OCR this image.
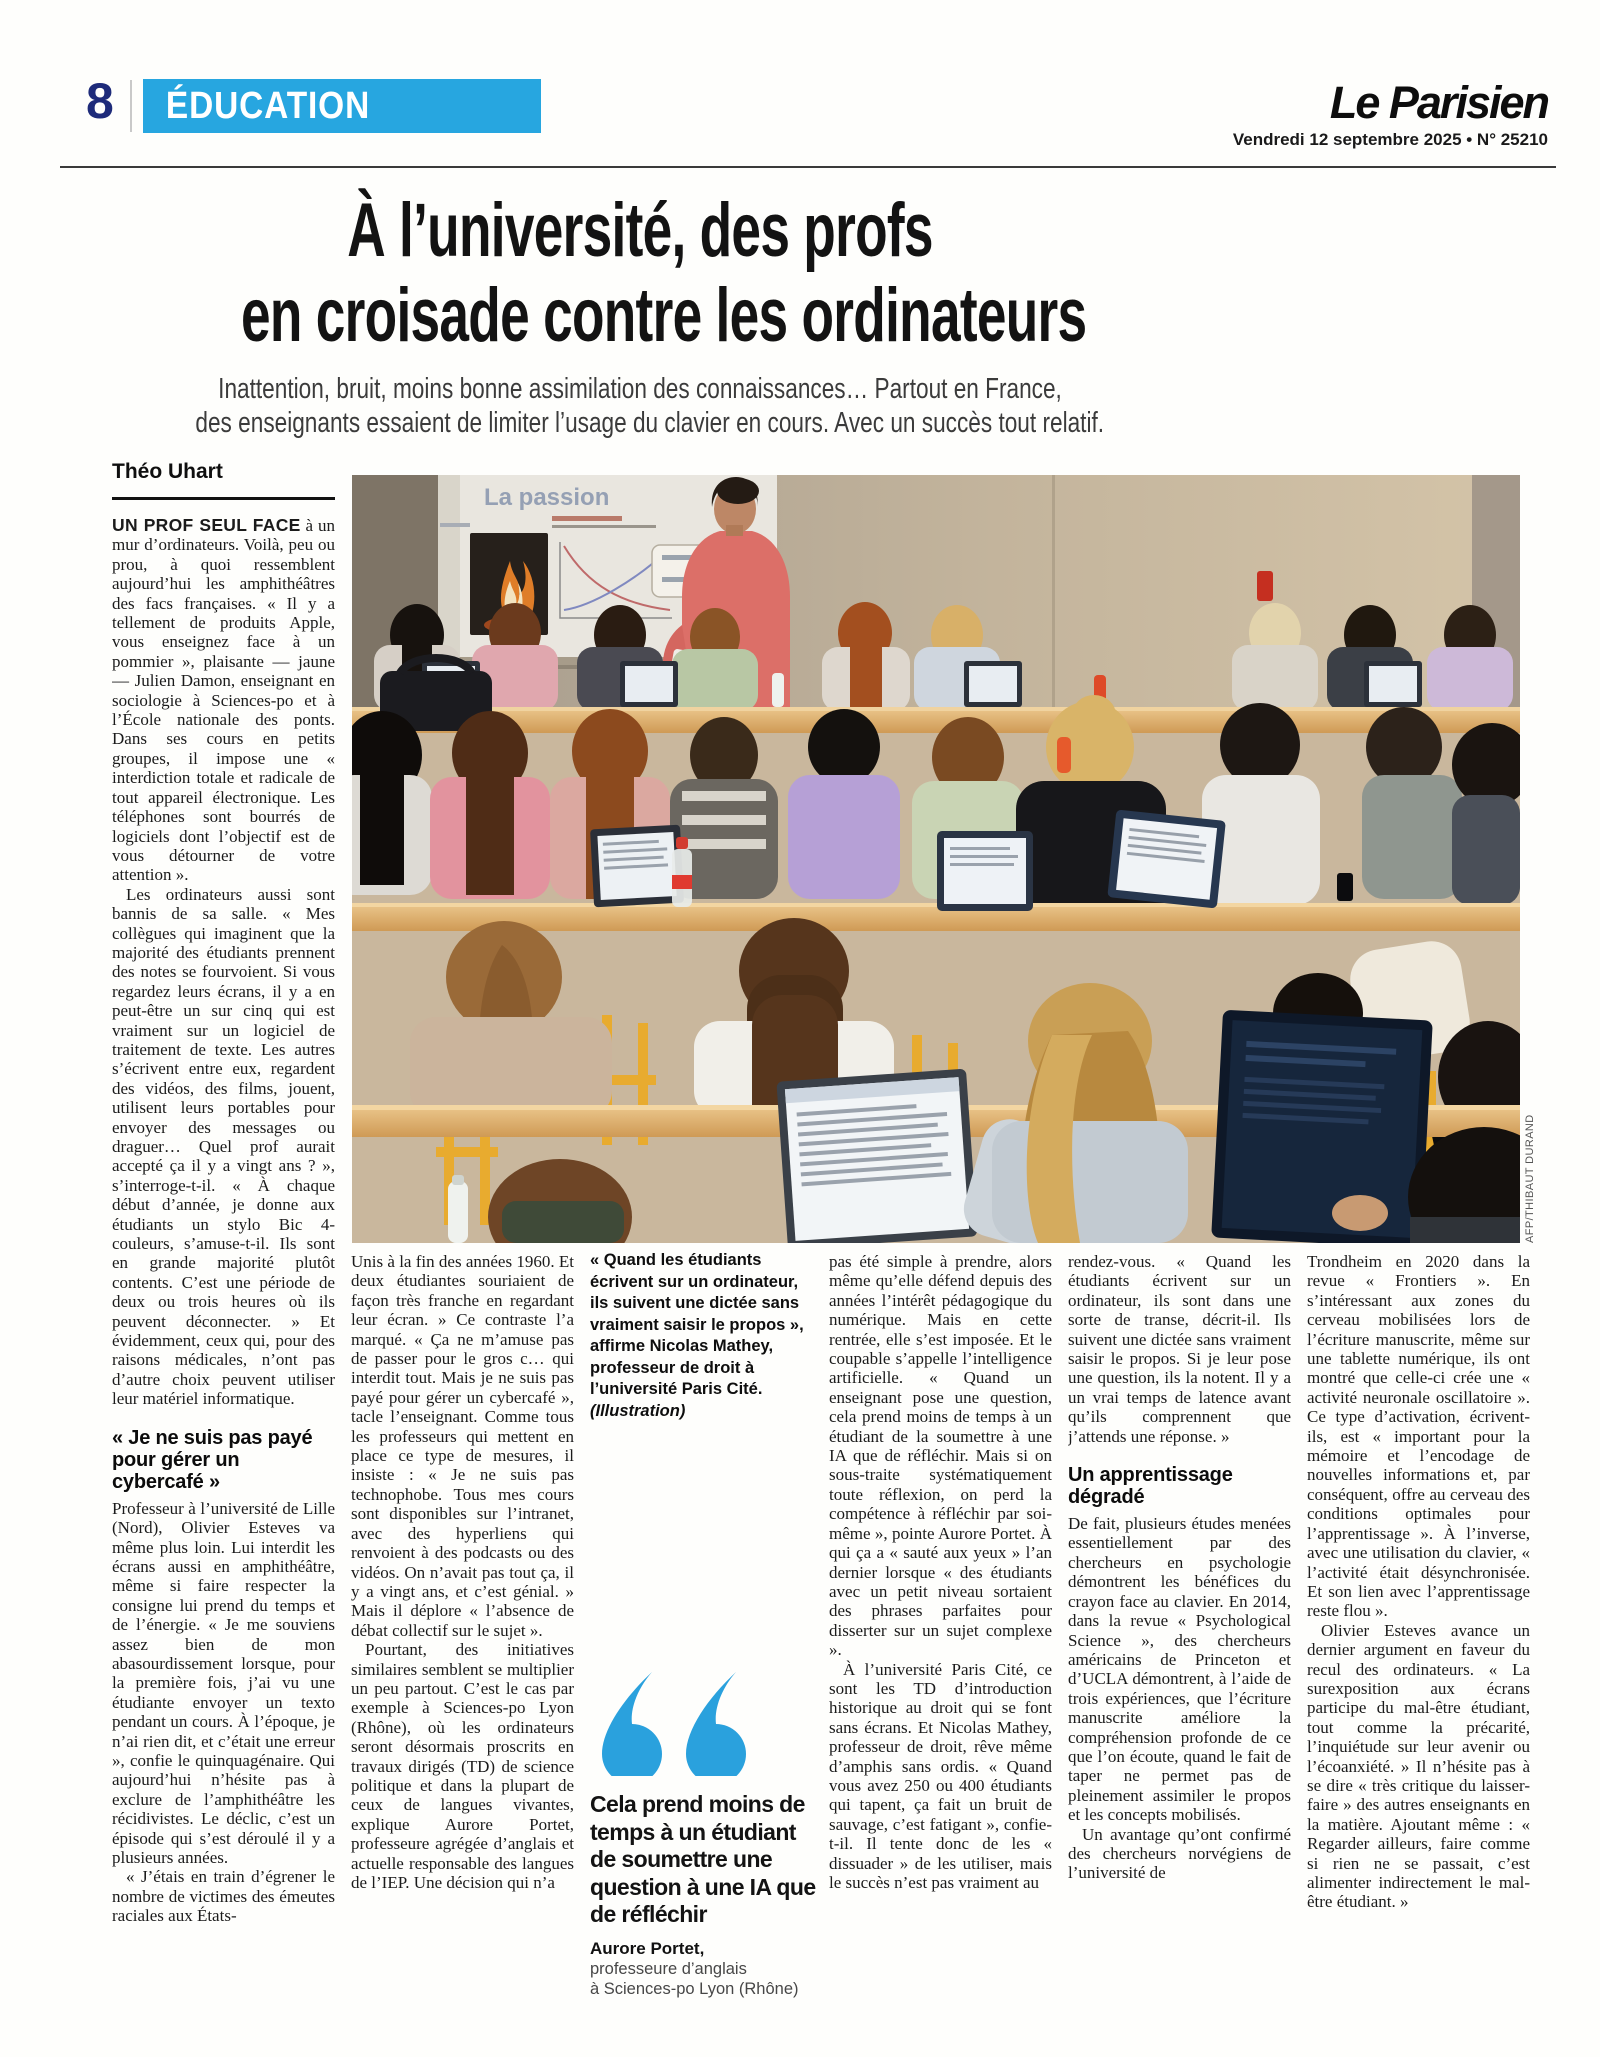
8	ÉDUCATION	Le Parisien
Vendredi 12 septembre 2025 • N° 25210
À l’université, des profs
en croisade contre les ordinateurs
Inattention, bruit, moins bonne assimilation des connaissances… Partout en France,
des enseignants essaient de limiter l’usage du clavier en cours. Avec un succès tout relatif.
Théo Uhart

UN PROF SEUL FACE à un mur d’ordinateurs. Voilà, peu ou prou, à quoi ressemblent aujourd’hui les amphithéâtres des facs françaises. « Il y a tellement de produits Apple, vous enseignez face à un pommier », plaisante — jaune — Julien Damon, enseignant en sociologie à Sciences-po et à l’École nationale des ponts. Dans ses cours en petits groupes, il impose une « interdiction totale et radicale de tout appareil électronique. Les téléphones sont bourrés de logiciels dont l’objectif est de vous détourner de votre attention ».

Les ordinateurs aussi sont bannis de sa salle. « Mes collègues qui imaginent que la majorité des étudiants prennent des notes se fourvoient. Si vous regardez leurs écrans, il y a en peut-être un sur cinq qui est vraiment sur un logiciel de traitement de texte. Les autres s’écrivent entre eux, regardent des vidéos, des films, jouent, utilisent leurs portables pour envoyer des messages ou draguer… Quel prof aurait accepté ça il y a vingt ans ? », s’interroge-t-il. « À chaque début d’année, je donne aux étudiants un stylo Bic 4-couleurs, s’amuse-t-il. Ils sont en grande majorité plutôt contents. C’est une période de deux ou trois heures où ils peuvent déconnecter. » Et évidemment, ceux qui, pour des raisons médicales, n’ont pas d’autre choix peuvent utiliser leur matériel informatique.

« Je ne suis pas payé
pour gérer un cybercafé »

Professeur à l’université de Lille (Nord), Olivier Esteves va même plus loin. Lui interdit les écrans aussi en amphithéâtre, même si faire respecter la consigne lui prend du temps et de l’énergie. « Je me souviens assez bien de mon abasourdissement lorsque, pour la première fois, j’ai vu une étudiante envoyer un texto pendant un cours. À l’époque, je n’ai rien dit, et c’était une erreur », confie le quinquagénaire. Qui aujourd’hui n’hésite pas à exclure de l’amphithéâtre les récidivistes. Le déclic, c’est un épisode qui s’est déroulé il y a plusieurs années.

« J’étais en train d’égrener le nombre de victimes des émeutes raciales aux États-

La passion
AFP/THIBAUT DURAND
« Quand les étudiants écrivent sur un ordinateur, ils suivent une dictée sans vraiment saisir le propos », affirme Nicolas Mathey, professeur de droit à l’université Paris Cité.
(Illustration)
Cela prend moins de temps à un étudiant de soumettre une question à une IA que de réfléchir
Aurore Portet,
professeure d’anglais
à Sciences-po Lyon (Rhône)

Unis à la fin des années 1960. Et deux étudiantes souriaient de façon très franche en regardant leur écran. » Ce contraste l’a marqué. « Ça ne m’amuse pas de passer pour le gros c… qui interdit tout. Mais je ne suis pas payé pour gérer un cybercafé », tacle l’enseignant. Comme tous les professeurs qui mettent en place ce type de mesures, il insiste : « Je ne suis pas technophobe. Tous mes cours sont disponibles sur l’intranet, avec des hyperliens qui renvoient à des podcasts ou des vidéos. On n’avait pas tout ça, il y a vingt ans, et c’est génial. » Mais il déplore « l’absence de débat collectif sur le sujet ».

Pourtant, des initiatives similaires semblent se multiplier un peu partout. C’est le cas par exemple à Sciences-po Lyon (Rhône), où les ordinateurs seront désormais proscrits en travaux dirigés (TD) de science politique et dans la plupart de ceux de langues vivantes, explique Aurore Portet, professeure agrégée d’anglais et actuelle responsable des langues de l’IEP. Une décision qui n’a

pas été simple à prendre, alors même qu’elle défend depuis des années l’intérêt pédagogique du numérique. Mais en cette rentrée, elle s’est imposée. Et le coupable s’appelle l’intelligence artificielle. « Quand un enseignant pose une question, cela prend moins de temps à un étudiant de la soumettre à une IA que de réfléchir. Mais si on sous-traite systématiquement toute réflexion, on perd la compétence à réfléchir par soi-même », pointe Aurore Portet. À qui ça a « sauté aux yeux » l’an dernier lorsque « des étudiants avec un petit niveau sortaient des phrases parfaites pour disserter sur un sujet complexe ».

À l’université Paris Cité, ce sont les TD d’introduction historique au droit qui se font sans écrans. Et Nicolas Mathey, professeur de droit, rêve même d’amphis sans ordis. « Quand vous avez 250 ou 400 étudiants qui tapent, ça fait un bruit de sauvage, c’est fatigant », confie-t-il. Il tente donc de les « dissuader » de les utiliser, mais le succès n’est pas vraiment au

rendez-vous. « Quand les étudiants écrivent sur un ordinateur, ils sont dans une sorte de transe, décrit-il. Ils suivent une dictée sans vraiment saisir le propos. Si je leur pose une question, ils la notent. Il y a un vrai temps de latence avant qu’ils comprennent que j’attends une réponse. »

Un apprentissage
dégradé

De fait, plusieurs études menées essentiellement par des chercheurs en psychologie démontrent les bénéfices du crayon face au clavier. En 2014, dans la revue « Psychological Science », des chercheurs américains de Princeton et d’UCLA démontrent, à l’aide de trois expériences, que l’écriture manuscrite améliore la compréhension profonde de ce que l’on écoute, quand le fait de taper ne permet pas de pleinement assimiler le propos et les concepts mobilisés.

Un avantage qu’ont confirmé des chercheurs norvégiens de l’université de

Trondheim en 2020 dans la revue « Frontiers ». En s’intéressant aux zones du cerveau mobilisées lors de l’écriture manuscrite, même sur une tablette numérique, ils ont montré que celle-ci crée une « activité neuronale oscillatoire ». Ce type d’activation, écrivent-ils, est « important pour la mémoire et l’encodage de nouvelles informations et, par conséquent, offre au cerveau des conditions optimales pour l’apprentissage ». À l’inverse, avec une utilisation du clavier, « l’activité était désynchronisée. Et son lien avec l’apprentissage reste flou ».

Olivier Esteves avance un dernier argument en faveur du recul des ordinateurs. « La surexposition aux écrans participe du mal-être étudiant, tout comme la précarité, l’inquiétude sur leur avenir ou l’écoanxiété. » Il n’hésite pas à se dire « très critique du laisser-faire » des autres enseignants en la matière. Ajoutant même : « Regarder ailleurs, faire comme si rien ne se passait, c’est alimenter indirectement le mal-être étudiant. »
